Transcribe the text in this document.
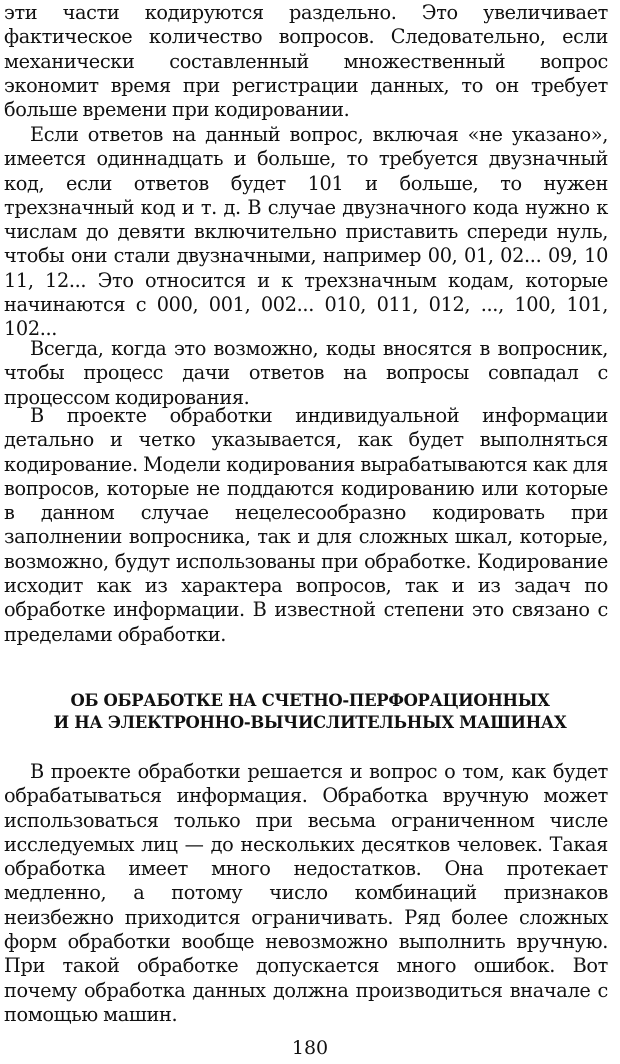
эти части кодируются раздельно. Это увеличивает фактическое количество вопросов. Следовательно, если механически составленный множественный вопрос экономит время при регистрации данных, то он требует больше времени при кодировании.

Если ответов на данный вопрос, включая «не указано», имеется одиннадцать и больше, то требуется двузначный код, если ответов будет 101 и больше, то нужен трехзначный код и т. д. В случае двузначного кода нужно к числам до девяти включительно приставить спереди нуль, чтобы они стали двузначными, например 00, 01, 02... 09, 10 11, 12... Это относится и к трехзначным кодам, которые начинаются с 000, 001, 002... 010, 011, 012, ..., 100, 101, 102...

Всегда, когда это возможно, коды вносятся в вопросник, чтобы процесс дачи ответов на вопросы совпадал с процессом кодирования.

В проекте обработки индивидуальной информации детально и четко указывается, как будет выполняться кодирование. Модели кодирования вырабатываются как для вопросов, которые не поддаются кодированию или которые в данном случае нецелесообразно кодировать при заполнении вопросника, так и для сложных шкал, которые, возможно, будут использованы при обработке. Кодирование исходит как из характера вопросов, так и из задач по обработке информации. В известной степени это связано с пределами обработки.

ОБ ОБРАБОТКЕ НА СЧЕТНО-ПЕРФОРАЦИОННЫХ
И НА ЭЛЕКТРОННО-ВЫЧИСЛИТЕЛЬНЫХ МАШИНАХ

В проекте обработки решается и вопрос о том, как будет обрабатываться информация. Обработка вручную может использоваться только при весьма ограниченном числе исследуемых лиц — до нескольких десятков человек. Такая обработка имеет много недостатков. Она протекает медленно, а потому число комбинаций признаков неизбежно приходится ограничивать. Ряд более сложных форм обработки вообще невозможно выполнить вручную. При такой обработке допускается много ошибок. Вот почему обработка данных должна производиться вначале с помощью машин.

180
